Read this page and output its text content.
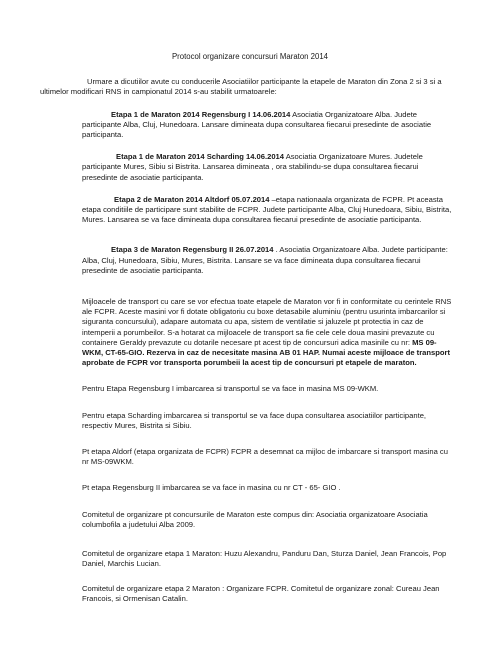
Protocol organizare concursuri Maraton 2014

Urmare a dicutiilor avute cu conducerile Asociatiilor participante la etapele de Maraton din Zona 2 si 3 si a ultimelor modificari RNS in campionatul 2014 s-au stabilit urmatoarele:

Etapa 1 de Maraton 2014 Regensburg I 14.06.2014 Asociatia Organizatoare Alba. Judete participante Alba, Cluj, Hunedoara. Lansare dimineata dupa consultarea fiecarui presedinte de asociatie participanta.

Etapa 1 de Maraton 2014 Scharding 14.06.2014 Asociatia Organizatoare Mures. Judetele participante Mures, Sibiu si Bistrita. Lansarea dimineata , ora stabilindu-se dupa consultarea fiecarui presedinte de asociatie participanta.

Etapa 2 de Maraton 2014 Altdorf 05.07.2014 –etapa nationaala organizata de FCPR. Pt aceasta etapa conditiile de participare sunt stabilite de FCPR. Judete participante Alba, Cluj Hunedoara, Sibiu, Bistrita, Mures. Lansarea se va face dimineata dupa consultarea fiecarui presedinte de asociatie participanta.

Etapa 3 de Maraton Regensburg II 26.07.2014 . Asociatia Organizatoare Alba. Judete participante: Alba, Cluj, Hunedoara, Sibiu, Mures, Bistrita. Lansare se va face dimineata dupa consultarea fiecarui presedinte de asociatie participanta.

Mijloacele de transport cu care se vor efectua toate etapele de Maraton vor fi in conformitate cu cerintele RNS ale FCPR. Aceste masini vor fi dotate obligatoriu cu boxe detasabile aluminiu (pentru usurinta imbarcarilor si siguranta concursului), adapare automata cu apa, sistem de ventilatie si jaluzele pt protectia in caz de intemperii a porumbeilor. S-a hotarat ca mijloacele de transport sa fie cele cele doua masini prevazute cu containere Geraldy prevazute cu dotarile necesare pt acest tip de concursuri adica masinile cu nr: MS 09-WKM, CT-65-GIO. Rezerva in caz de necesitate masina AB 01 HAP. Numai aceste mijloace de transport aprobate de FCPR vor transporta porumbeii la acest tip de concursuri pt etapele de maraton.

Pentru Etapa Regensburg I imbarcarea si transportul se va face in masina MS 09-WKM.

Pentru etapa Scharding imbarcarea si transportul se va face dupa consultarea asociatiilor participante, respectiv Mures, Bistrita si Sibiu.

Pt etapa Aldorf (etapa organizata de FCPR) FCPR a desemnat ca mijloc de imbarcare si transport masina cu nr MS-09WKM.

Pt etapa Regensburg II imbarcarea se va face in masina cu nr CT - 65- GIO .

Comitetul de organizare pt concursurile de Maraton este compus din: Asociatia organizatoare Asociatia columbofila a judetului Alba 2009.

Comitetul de organizare etapa 1 Maraton: Huzu Alexandru, Panduru Dan, Sturza Daniel, Jean Francois, Pop Daniel, Marchis Lucian.

Comitetul de organizare etapa 2 Maraton : Organizare FCPR. Comitetul de organizare zonal: Cureau Jean Francois, si Ormenisan Catalin.
